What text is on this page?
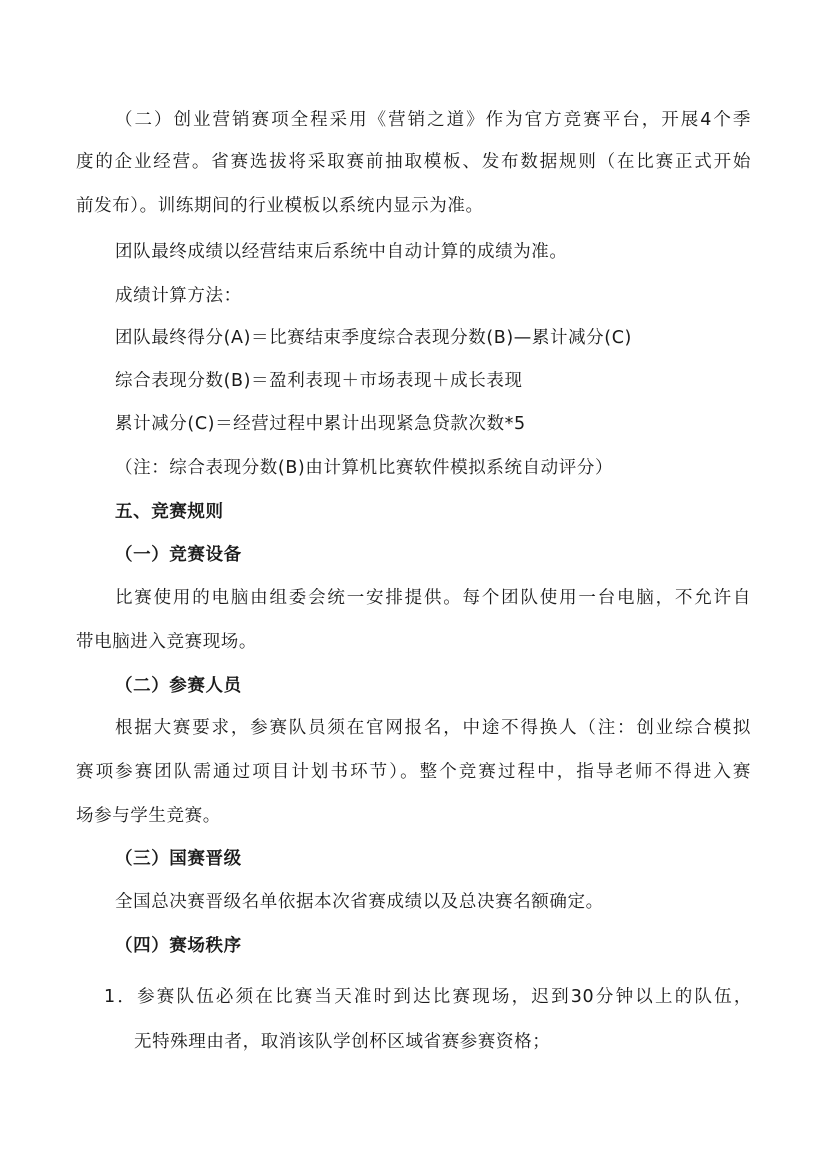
（二）创业营销赛项全程采用《营销之道》作为官方竞赛平台，开展4个季
度的企业经营。省赛选拔将采取赛前抽取模板、发布数据规则（在比赛正式开始
前发布）。训练期间的行业模板以系统内显示为准。
团队最终成绩以经营结束后系统中自动计算的成绩为准。
成绩计算方法：
团队最终得分(A)＝比赛结束季度综合表现分数(B)—累计减分(C)
综合表现分数(B)＝盈利表现＋市场表现＋成长表现
累计减分(C)＝经营过程中累计出现紧急贷款次数*5
（注：综合表现分数(B)由计算机比赛软件模拟系统自动评分）
五、竞赛规则
（一）竞赛设备
比赛使用的电脑由组委会统一安排提供。每个团队使用一台电脑，不允许自
带电脑进入竞赛现场。
（二）参赛人员
根据大赛要求，参赛队员须在官网报名，中途不得换人（注：创业综合模拟
赛项参赛团队需通过项目计划书环节）。整个竞赛过程中，指导老师不得进入赛
场参与学生竞赛。
（三）国赛晋级
全国总决赛晋级名单依据本次省赛成绩以及总决赛名额确定。
（四）赛场秩序
1．参赛队伍必须在比赛当天准时到达比赛现场，迟到30分钟以上的队伍，
无特殊理由者，取消该队学创杯区域省赛参赛资格；
